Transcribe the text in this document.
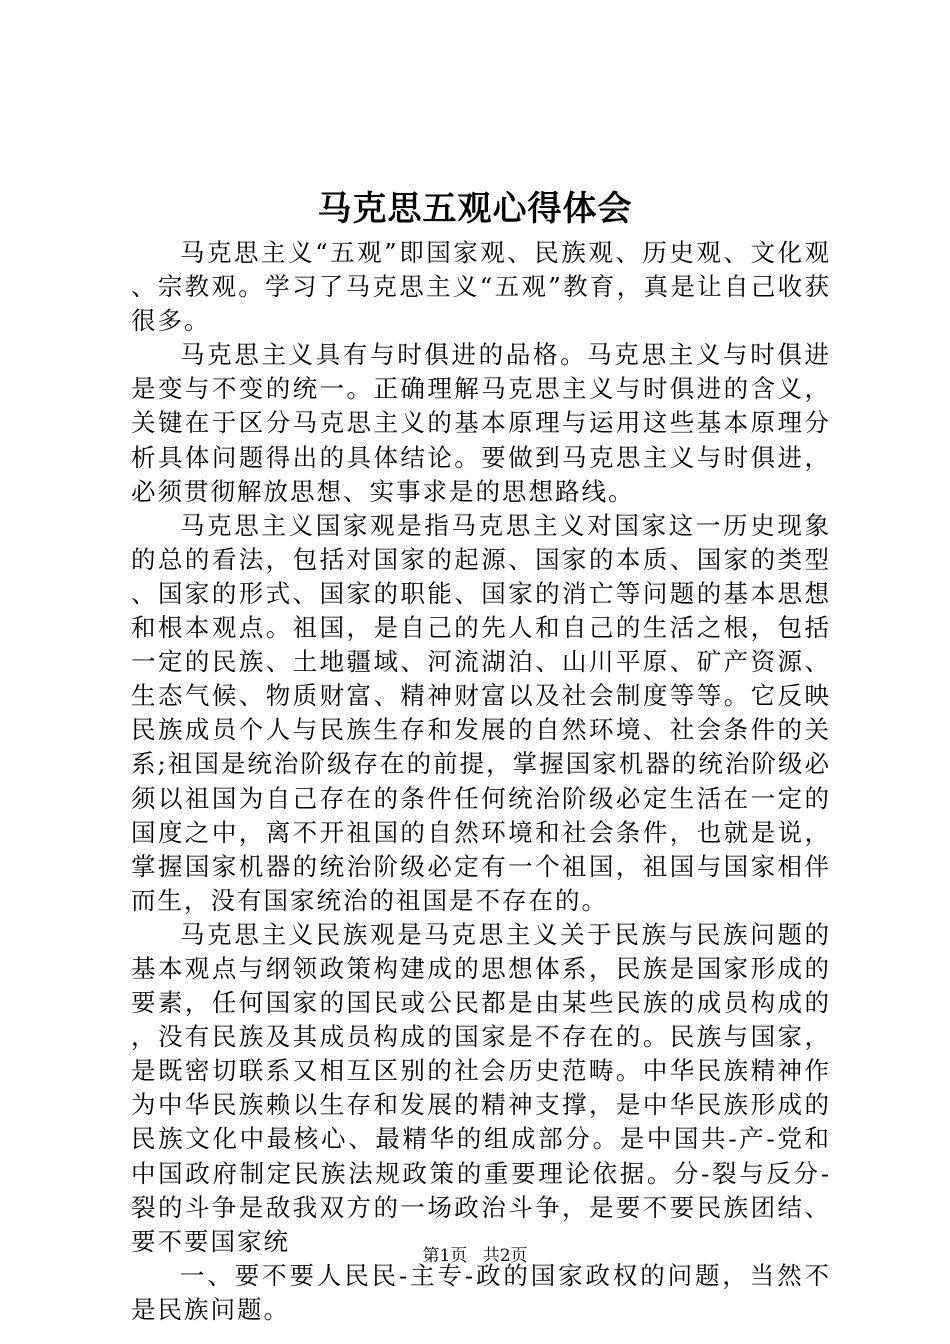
马克思五观心得体会

马克思主义“五观”即国家观、民族观、历史观、文化观、宗教观。学习了马克思主义“五观”教育，真是让自己收获很多。

马克思主义具有与时俱进的品格。马克思主义与时俱进是变与不变的统一。正确理解马克思主义与时俱进的含义，关键在于区分马克思主义的基本原理与运用这些基本原理分析具体问题得出的具体结论。要做到马克思主义与时俱进，必须贯彻解放思想、实事求是的思想路线。

马克思主义国家观是指马克思主义对国家这一历史现象的总的看法，包括对国家的起源、国家的本质、国家的类型、国家的形式、国家的职能、国家的消亡等问题的基本思想和根本观点。祖国，是自己的先人和自己的生活之根，包括一定的民族、土地疆域、河流湖泊、山川平原、矿产资源、生态气候、物质财富、精神财富以及社会制度等等。它反映民族成员个人与民族生存和发展的自然环境、社会条件的关系;祖国是统治阶级存在的前提，掌握国家机器的统治阶级必须以祖国为自己存在的条件任何统治阶级必定生活在一定的国度之中，离不开祖国的自然环境和社会条件，也就是说，掌握国家机器的统治阶级必定有一个祖国，祖国与国家相伴而生，没有国家统治的祖国是不存在的。

马克思主义民族观是马克思主义关于民族与民族问题的基本观点与纲领政策构建成的思想体系，民族是国家形成的要素，任何国家的国民或公民都是由某些民族的成员构成的，没有民族及其成员构成的国家是不存在的。民族与国家，是既密切联系又相互区别的社会历史范畴。中华民族精神作为中华民族赖以生存和发展的精神支撑，是中华民族形成的民族文化中最核心、最精华的组成部分。是中国共-产-党和中国政府制定民族法规政策的重要理论依据。分-裂与反分-裂的斗争是敌我双方的一场政治斗争，是要不要民族团结、要不要国家统

一、要不要人民民-主专-政的国家政权的问题，当然不是民族问题。

第1页 共2页
